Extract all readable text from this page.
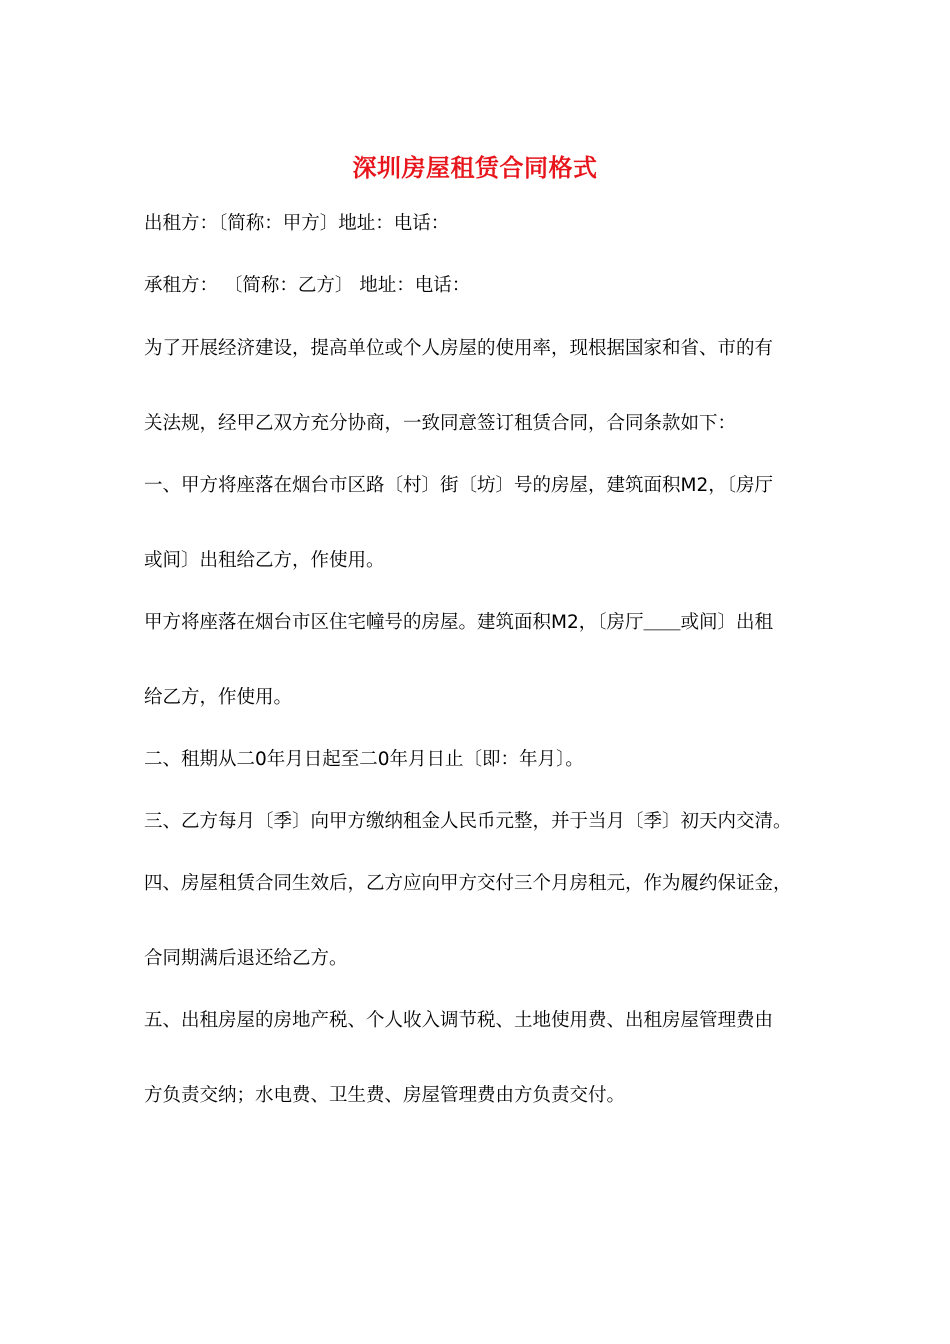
深圳房屋租赁合同格式
出租方：〔简称：甲方〕地址：电话：
承租方： 〔简称：乙方〕 地址：电话：
为了开展经济建设，提高单位或个人房屋的使用率，现根据国家和省、市的有
关法规，经甲乙双方充分协商，一致同意签订租赁合同，合同条款如下：
一、甲方将座落在烟台市区路〔村〕街〔坊〕号的房屋，建筑面积M2，〔房厅
或间〕出租给乙方，作使用。
甲方将座落在烟台市区住宅幢号的房屋。建筑面积M2，〔房厅＿＿或间〕出租
给乙方，作使用。
二、租期从二0年月日起至二0年月日止〔即：年月〕。
三、乙方每月〔季〕向甲方缴纳租金人民币元整，并于当月〔季〕初天内交清。
四、房屋租赁合同生效后，乙方应向甲方交付三个月房租元，作为履约保证金，
合同期满后退还给乙方。
五、出租房屋的房地产税、个人收入调节税、土地使用费、出租房屋管理费由
方负责交纳；水电费、卫生费、房屋管理费由方负责交付。
